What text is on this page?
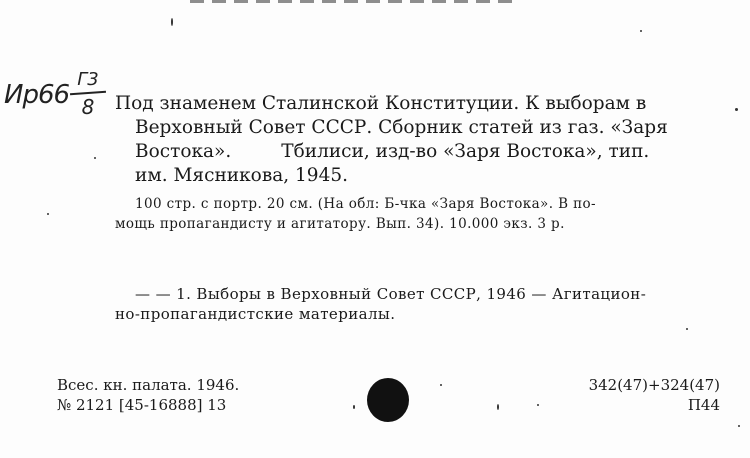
Ир66
Г3
8	Под знаменем Сталинской Конституции. К выборам в
Верховный Совет СССР. Сборник статей из газ. «Заря
Востока».	Тбилиси, изд-во «Заря Востока», тип.
им. Мясникова, 1945.

100 стр. с портр. 20 см. (На обл: Б-чка «Заря Востока». В по-
мощь пропагандисту и агитатору. Вып. 34). 10.000 экз. 3 р.
— — 1. Выборы в Верховный Совет СССР, 1946 — Агитацион-
но-пропагандистские материалы.
Всес. кн. палата. 1946.
№ 2121 [45-16888] 13
342(47)+324(47)
П44
